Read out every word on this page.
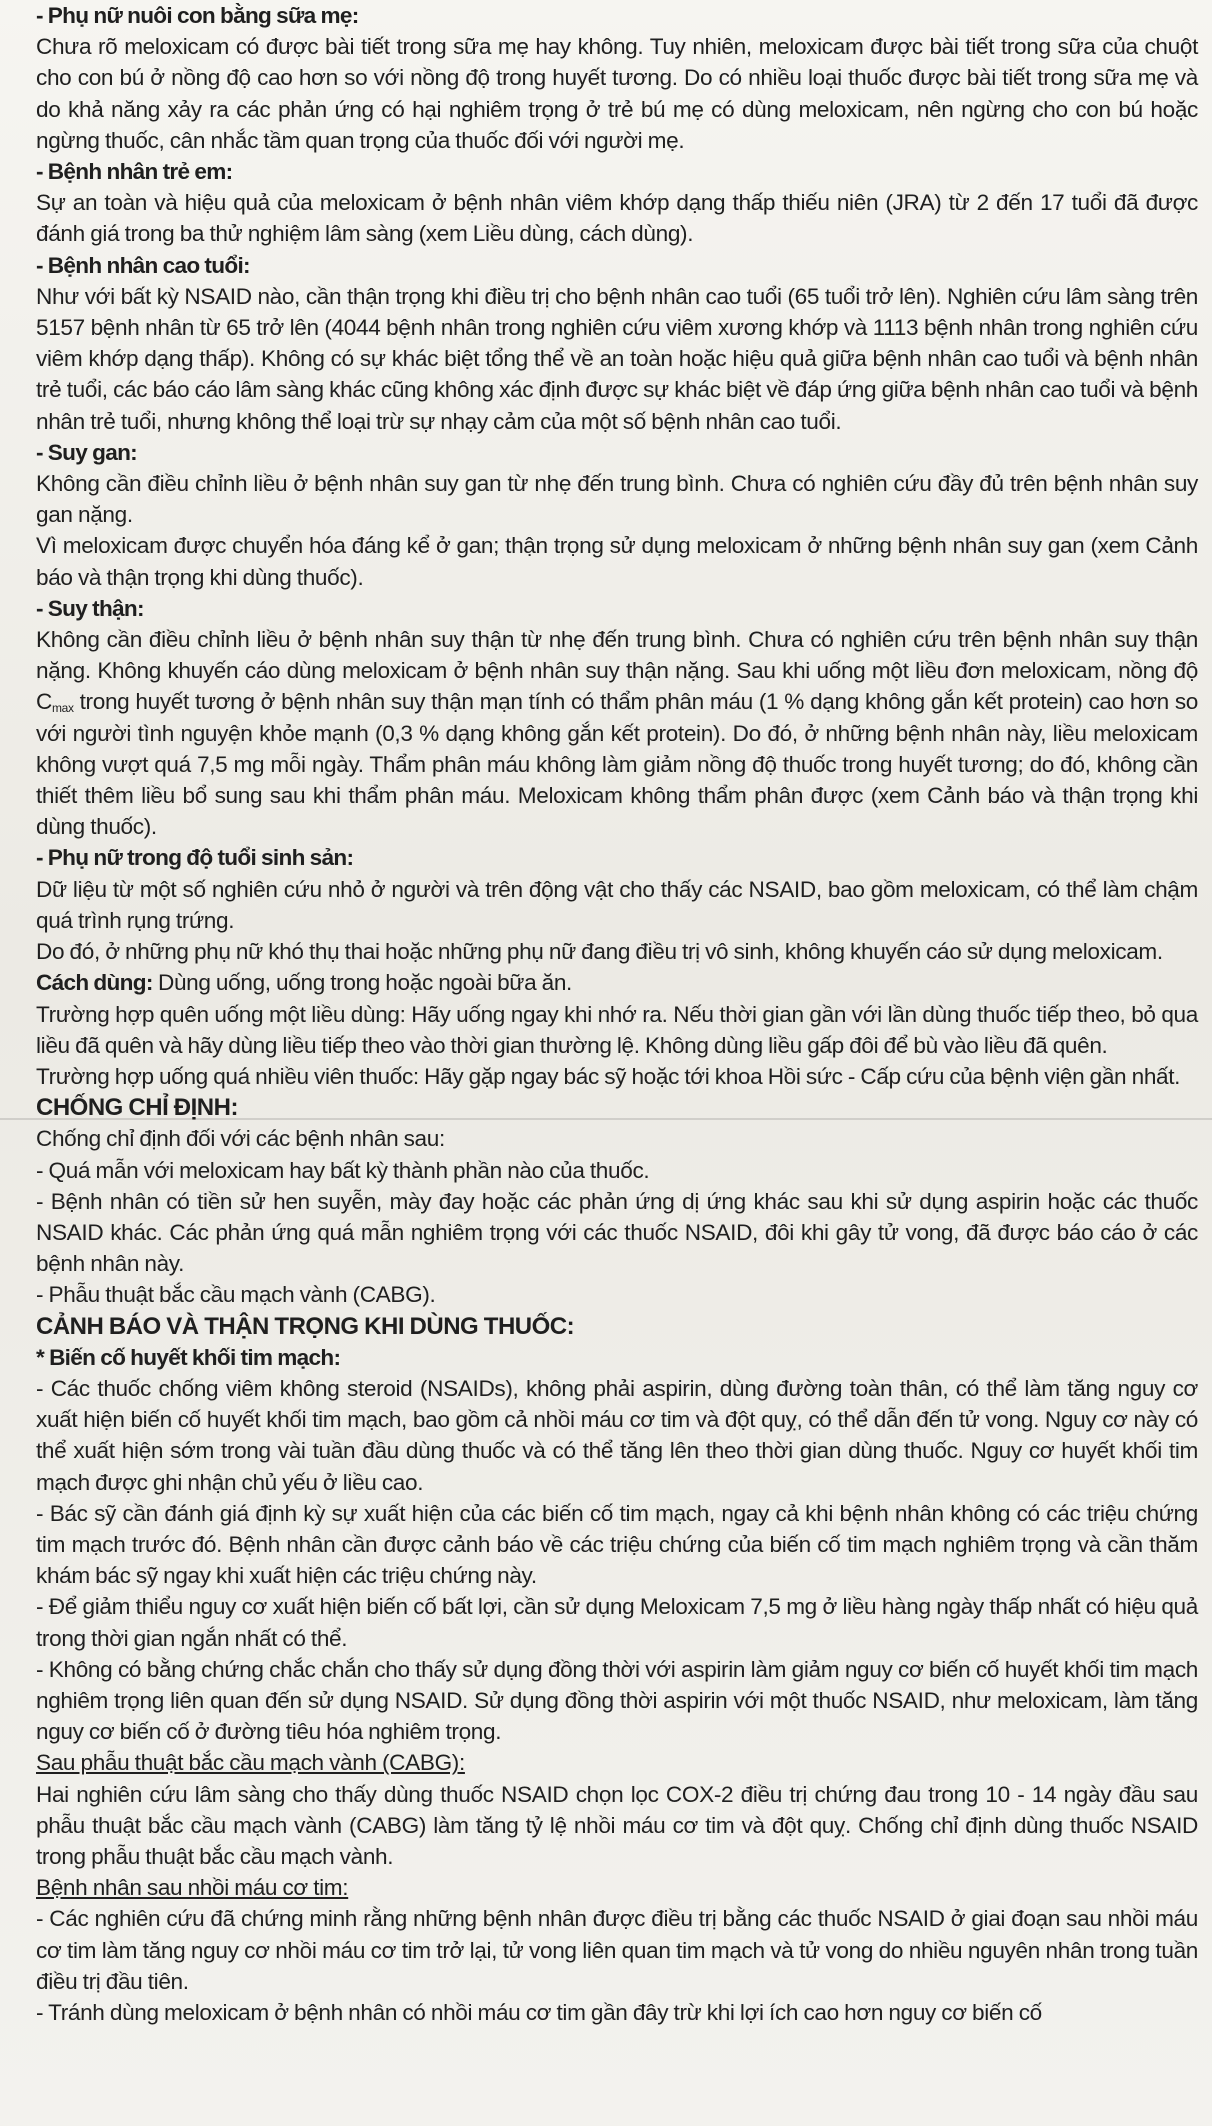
- Phụ nữ nuôi con bằng sữa mẹ:

Chưa rõ meloxicam có được bài tiết trong sữa mẹ hay không. Tuy nhiên, meloxicam được bài tiết trong sữa của chuột cho con bú ở nồng độ cao hơn so với nồng độ trong huyết tương. Do có nhiều loại thuốc được bài tiết trong sữa mẹ và do khả năng xảy ra các phản ứng có hại nghiêm trọng ở trẻ bú mẹ có dùng meloxicam, nên ngừng cho con bú hoặc ngừng thuốc, cân nhắc tầm quan trọng của thuốc đối với người mẹ.

- Bệnh nhân trẻ em:

Sự an toàn và hiệu quả của meloxicam ở bệnh nhân viêm khớp dạng thấp thiếu niên (JRA) từ 2 đến 17 tuổi đã được đánh giá trong ba thử nghiệm lâm sàng (xem Liều dùng, cách dùng).

- Bệnh nhân cao tuổi:

Như với bất kỳ NSAID nào, cần thận trọng khi điều trị cho bệnh nhân cao tuổi (65 tuổi trở lên). Nghiên cứu lâm sàng trên 5157 bệnh nhân từ 65 trở lên (4044 bệnh nhân trong nghiên cứu viêm xương khớp và 1113 bệnh nhân trong nghiên cứu viêm khớp dạng thấp). Không có sự khác biệt tổng thể về an toàn hoặc hiệu quả giữa bệnh nhân cao tuổi và bệnh nhân trẻ tuổi, các báo cáo lâm sàng khác cũng không xác định được sự khác biệt về đáp ứng giữa bệnh nhân cao tuổi và bệnh nhân trẻ tuổi, nhưng không thể loại trừ sự nhạy cảm của một số bệnh nhân cao tuổi.

- Suy gan:

Không cần điều chỉnh liều ở bệnh nhân suy gan từ nhẹ đến trung bình. Chưa có nghiên cứu đầy đủ trên bệnh nhân suy gan nặng.

Vì meloxicam được chuyển hóa đáng kể ở gan; thận trọng sử dụng meloxicam ở những bệnh nhân suy gan (xem Cảnh báo và thận trọng khi dùng thuốc).

- Suy thận:

Không cần điều chỉnh liều ở bệnh nhân suy thận từ nhẹ đến trung bình. Chưa có nghiên cứu trên bệnh nhân suy thận nặng. Không khuyến cáo dùng meloxicam ở bệnh nhân suy thận nặng. Sau khi uống một liều đơn meloxicam, nồng độ $C_{max}$ trong huyết tương ở bệnh nhân suy thận mạn tính có thẩm phân máu (1 % dạng không gắn kết protein) cao hơn so với người tình nguyện khỏe mạnh (0,3 % dạng không gắn kết protein). Do đó, ở những bệnh nhân này, liều meloxicam không vượt quá 7,5 mg mỗi ngày. Thẩm phân máu không làm giảm nồng độ thuốc trong huyết tương; do đó, không cần thiết thêm liều bổ sung sau khi thẩm phân máu. Meloxicam không thẩm phân được (xem Cảnh báo và thận trọng khi dùng thuốc).

- Phụ nữ trong độ tuổi sinh sản:

Dữ liệu từ một số nghiên cứu nhỏ ở người và trên động vật cho thấy các NSAID, bao gồm meloxicam, có thể làm chậm quá trình rụng trứng.

Do đó, ở những phụ nữ khó thụ thai hoặc những phụ nữ đang điều trị vô sinh, không khuyến cáo sử dụng meloxicam.

Cách dùng: Dùng uống, uống trong hoặc ngoài bữa ăn.

Trường hợp quên uống một liều dùng: Hãy uống ngay khi nhớ ra. Nếu thời gian gần với lần dùng thuốc tiếp theo, bỏ qua liều đã quên và hãy dùng liều tiếp theo vào thời gian thường lệ. Không dùng liều gấp đôi để bù vào liều đã quên.

Trường hợp uống quá nhiều viên thuốc: Hãy gặp ngay bác sỹ hoặc tới khoa Hồi sức - Cấp cứu của bệnh viện gần nhất.

CHỐNG CHỈ ĐỊNH:

Chống chỉ định đối với các bệnh nhân sau:

- Quá mẫn với meloxicam hay bất kỳ thành phần nào của thuốc.

- Bệnh nhân có tiền sử hen suyễn, mày đay hoặc các phản ứng dị ứng khác sau khi sử dụng aspirin hoặc các thuốc NSAID khác. Các phản ứng quá mẫn nghiêm trọng với các thuốc NSAID, đôi khi gây tử vong, đã được báo cáo ở các bệnh nhân này.

- Phẫu thuật bắc cầu mạch vành (CABG).

CẢNH BÁO VÀ THẬN TRỌNG KHI DÙNG THUỐC:

* Biến cố huyết khối tim mạch:

- Các thuốc chống viêm không steroid (NSAIDs), không phải aspirin, dùng đường toàn thân, có thể làm tăng nguy cơ xuất hiện biến cố huyết khối tim mạch, bao gồm cả nhồi máu cơ tim và đột quỵ, có thể dẫn đến tử vong. Nguy cơ này có thể xuất hiện sớm trong vài tuần đầu dùng thuốc và có thể tăng lên theo thời gian dùng thuốc. Nguy cơ huyết khối tim mạch được ghi nhận chủ yếu ở liều cao.

- Bác sỹ cần đánh giá định kỳ sự xuất hiện của các biến cố tim mạch, ngay cả khi bệnh nhân không có các triệu chứng tim mạch trước đó. Bệnh nhân cần được cảnh báo về các triệu chứng của biến cố tim mạch nghiêm trọng và cần thăm khám bác sỹ ngay khi xuất hiện các triệu chứng này.

- Để giảm thiểu nguy cơ xuất hiện biến cố bất lợi, cần sử dụng Meloxicam 7,5 mg ở liều hàng ngày thấp nhất có hiệu quả trong thời gian ngắn nhất có thể.

- Không có bằng chứng chắc chắn cho thấy sử dụng đồng thời với aspirin làm giảm nguy cơ biến cố huyết khối tim mạch nghiêm trọng liên quan đến sử dụng NSAID. Sử dụng đồng thời aspirin với một thuốc NSAID, như meloxicam, làm tăng nguy cơ biến cố ở đường tiêu hóa nghiêm trọng.

Sau phẫu thuật bắc cầu mạch vành (CABG):

Hai nghiên cứu lâm sàng cho thấy dùng thuốc NSAID chọn lọc COX-2 điều trị chứng đau trong 10 - 14 ngày đầu sau phẫu thuật bắc cầu mạch vành (CABG) làm tăng tỷ lệ nhồi máu cơ tim và đột quỵ. Chống chỉ định dùng thuốc NSAID trong phẫu thuật bắc cầu mạch vành.

Bệnh nhân sau nhồi máu cơ tim:

- Các nghiên cứu đã chứng minh rằng những bệnh nhân được điều trị bằng các thuốc NSAID ở giai đoạn sau nhồi máu cơ tim làm tăng nguy cơ nhồi máu cơ tim trở lại, tử vong liên quan tim mạch và tử vong do nhiều nguyên nhân trong tuần điều trị đầu tiên.

- Tránh dùng meloxicam ở bệnh nhân có nhồi máu cơ tim gần đây trừ khi lợi ích cao hơn nguy cơ biến cố
